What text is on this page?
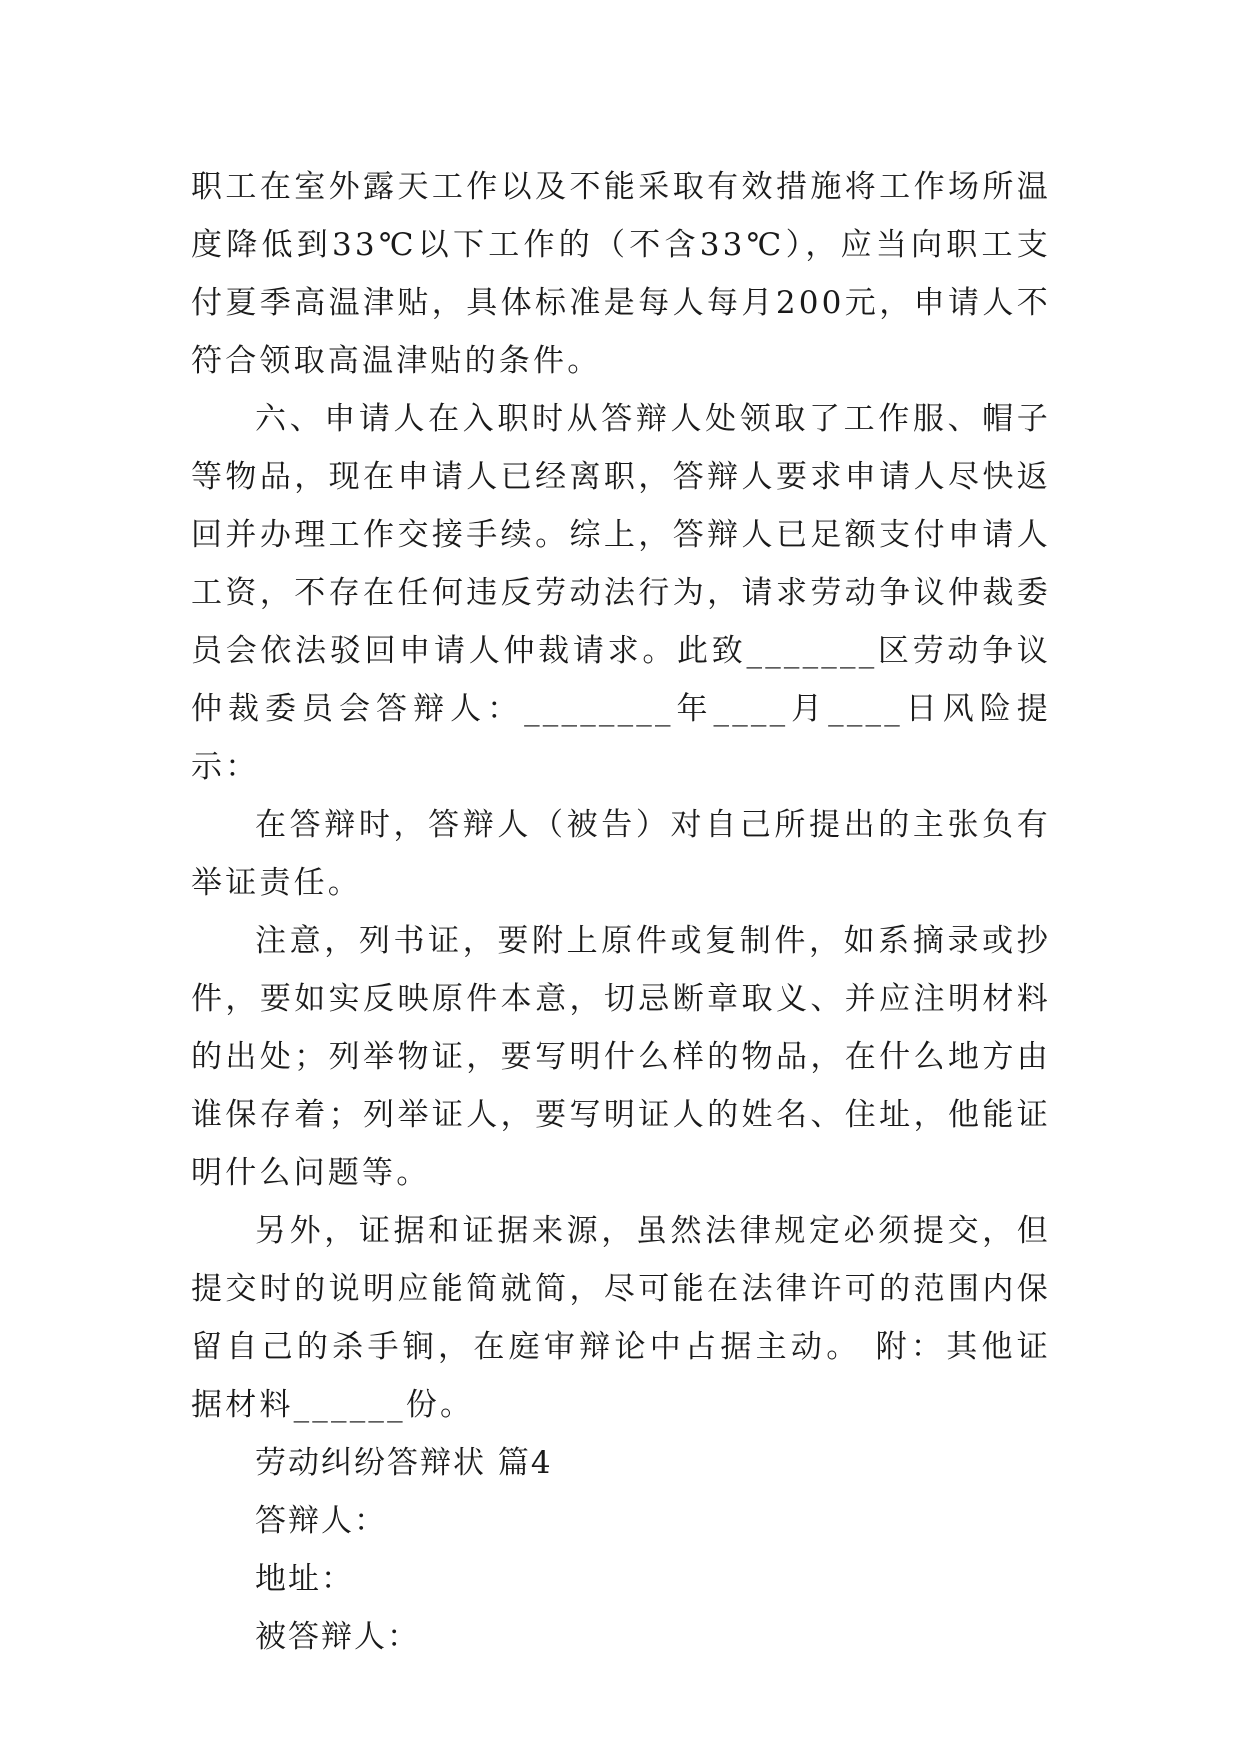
职工在室外露天工作以及不能采取有效措施将工作场所温度降低到33℃以下工作的（不含33℃），应当向职工支付夏季高温津贴，具体标准是每人每月200元，申请人不符合领取高温津贴的条件。

六、申请人在入职时从答辩人处领取了工作服、帽子等物品，现在申请人已经离职，答辩人要求申请人尽快返回并办理工作交接手续。综上，答辩人已足额支付申请人工资，不存在任何违反劳动法行为，请求劳动争议仲裁委员会依法驳回申请人仲裁请求。此致_______区劳动争议仲裁委员会答辩人：________年____月____日风险提示：

在答辩时，答辩人（被告）对自己所提出的主张负有举证责任。

注意，列书证，要附上原件或复制件，如系摘录或抄件，要如实反映原件本意，切忌断章取义、并应注明材料的出处；列举物证，要写明什么样的物品，在什么地方由谁保存着；列举证人，要写明证人的姓名、住址，他能证明什么问题等。

另外，证据和证据来源，虽然法律规定必须提交，但提交时的说明应能简就简，尽可能在法律许可的范围内保留自己的杀手锏，在庭审辩论中占据主动。 附：其他证据材料______份。

劳动纠纷答辩状 篇4

答辩人：

地址：

被答辩人：
